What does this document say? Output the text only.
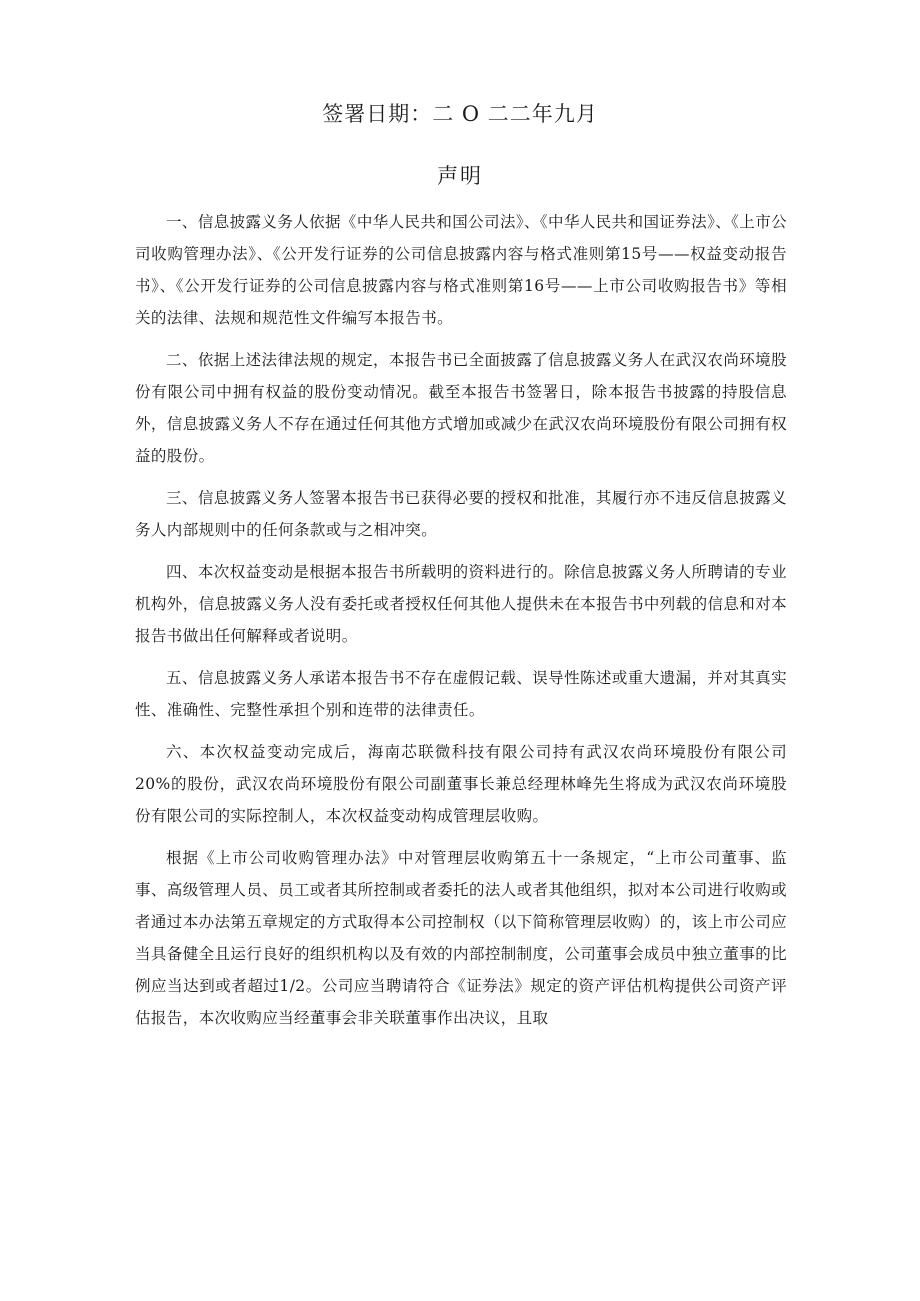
签署日期：二 O 二二年九月
声明

一、信息披露义务人依据《中华人民共和国公司法》、《中华人民共和国证券法》、《上市公司收购管理办法》、《公开发行证券的公司信息披露内容与格式准则第15号——权益变动报告书》、《公开发行证券的公司信息披露内容与格式准则第16号——上市公司收购报告书》等相关的法律、法规和规范性文件编写本报告书。

二、依据上述法律法规的规定，本报告书已全面披露了信息披露义务人在武汉农尚环境股份有限公司中拥有权益的股份变动情况。截至本报告书签署日，除本报告书披露的持股信息外，信息披露义务人不存在通过任何其他方式增加或减少在武汉农尚环境股份有限公司拥有权益的股份。

三、信息披露义务人签署本报告书已获得必要的授权和批准，其履行亦不违反信息披露义务人内部规则中的任何条款或与之相冲突。

四、本次权益变动是根据本报告书所载明的资料进行的。除信息披露义务人所聘请的专业机构外，信息披露义务人没有委托或者授权任何其他人提供未在本报告书中列载的信息和对本报告书做出任何解释或者说明。

五、信息披露义务人承诺本报告书不存在虚假记载、误导性陈述或重大遗漏，并对其真实性、准确性、完整性承担个别和连带的法律责任。

六、本次权益变动完成后，海南芯联微科技有限公司持有武汉农尚环境股份有限公司20%的股份，武汉农尚环境股份有限公司副董事长兼总经理林峰先生将成为武汉农尚环境股份有限公司的实际控制人，本次权益变动构成管理层收购。

根据《上市公司收购管理办法》中对管理层收购第五十一条规定，“上市公司董事、监事、高级管理人员、员工或者其所控制或者委托的法人或者其他组织，拟对本公司进行收购或者通过本办法第五章规定的方式取得本公司控制权（以下简称管理层收购）的，该上市公司应当具备健全且运行良好的组织机构以及有效的内部控制制度，公司董事会成员中独立董事的比例应当达到或者超过1/2。公司应当聘请符合《证券法》规定的资产评估机构提供公司资产评估报告，本次收购应当经董事会非关联董事作出决议，且取
